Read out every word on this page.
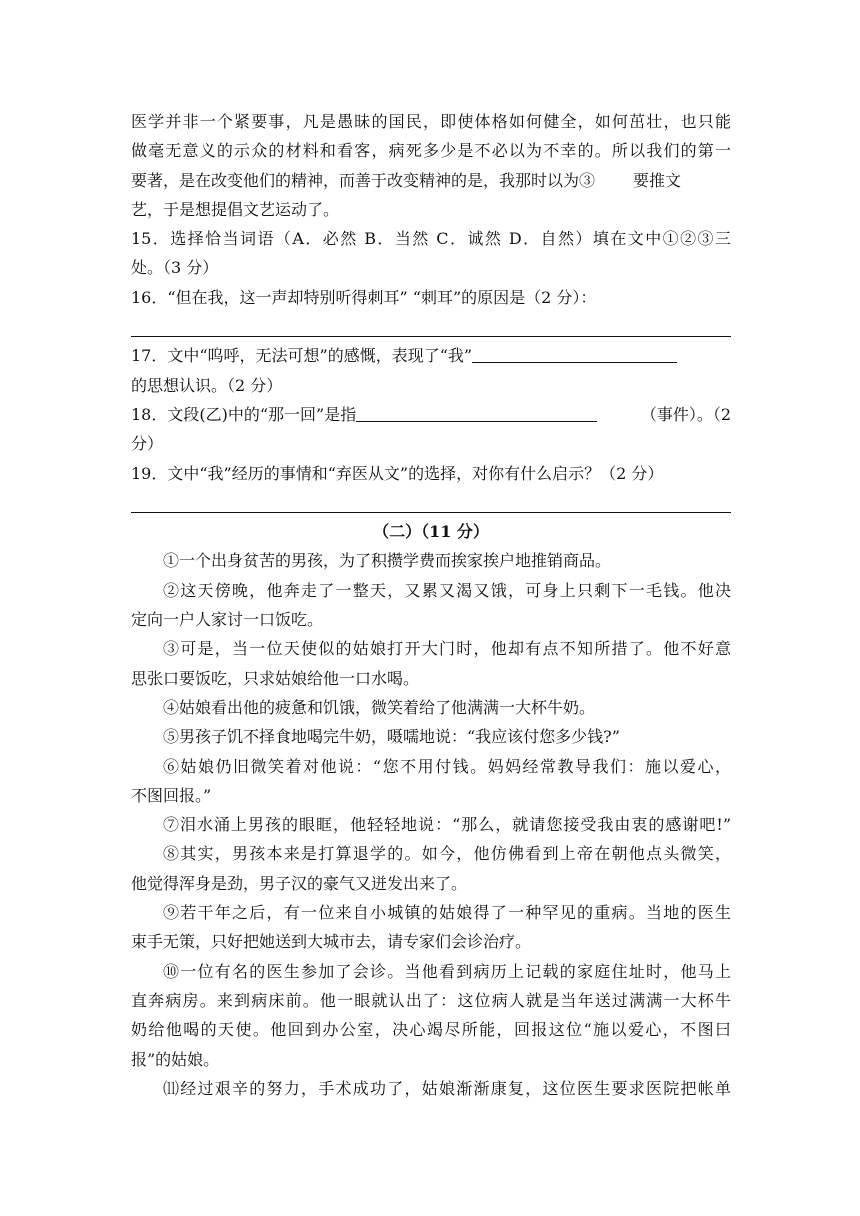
医学并非一个紧要事，凡是愚昧的国民，即使体格如何健全，如何茁壮，也只能
做毫无意义的示众的材料和看客，病死多少是不必以为不幸的。所以我们的第一
要著，是在改变他们的精神，而善于改变精神的是，我那时以为③ 要推文
艺，于是想提倡文艺运动了。
15．选择恰当词语（A．必然 B．当然 C．诚然 D．自然）填在文中①②③三
处。（3 分）
16．“但在我，这一声却特别听得刺耳” “刺耳”的原因是（2 分）：
17．文中“呜呼，无法可想”的感慨，表现了“我”
的思想认识。（2 分）
18．文段(乙)中的“那一回”是指	（事件）。（2
分）
19．文中“我”经历的事情和“弃医从文”的选择，对你有什么启示？（2 分）
（二）（11 分）
①一个出身贫苦的男孩，为了积攒学费而挨家挨户地推销商品。
②这天傍晚，他奔走了一整天，又累又渴又饿，可身上只剩下一毛钱。他决
定向一户人家讨一口饭吃。
③可是，当一位天使似的姑娘打开大门时，他却有点不知所措了。他不好意
思张口要饭吃，只求姑娘给他一口水喝。
④姑娘看出他的疲惫和饥饿，微笑着给了他满满一大杯牛奶。
⑤男孩子饥不择食地喝完牛奶，嗫嚅地说：“我应该付您多少钱?”
⑥姑娘仍旧微笑着对他说：“您不用付钱。妈妈经常教导我们：施以爱心，
不图回报。”
⑦泪水涌上男孩的眼眶，他轻轻地说：“那么，就请您接受我由衷的感谢吧!”
⑧其实，男孩本来是打算退学的。如今，他仿佛看到上帝在朝他点头微笑，
他觉得浑身是劲，男子汉的豪气又迸发出来了。
⑨若干年之后，有一位来自小城镇的姑娘得了一种罕见的重病。当地的医生
束手无策，只好把她送到大城市去，请专家们会诊治疗。
⑩一位有名的医生参加了会诊。当他看到病历上记载的家庭住址时，他马上
直奔病房。来到病床前。他一眼就认出了：这位病人就是当年送过满满一大杯牛
奶给他喝的天使。他回到办公室，决心竭尽所能，回报这位“施以爱心，不图曰
报”的姑娘。
⑾经过艰辛的努力，手术成功了，姑娘渐渐康复，这位医生要求医院把帐单
